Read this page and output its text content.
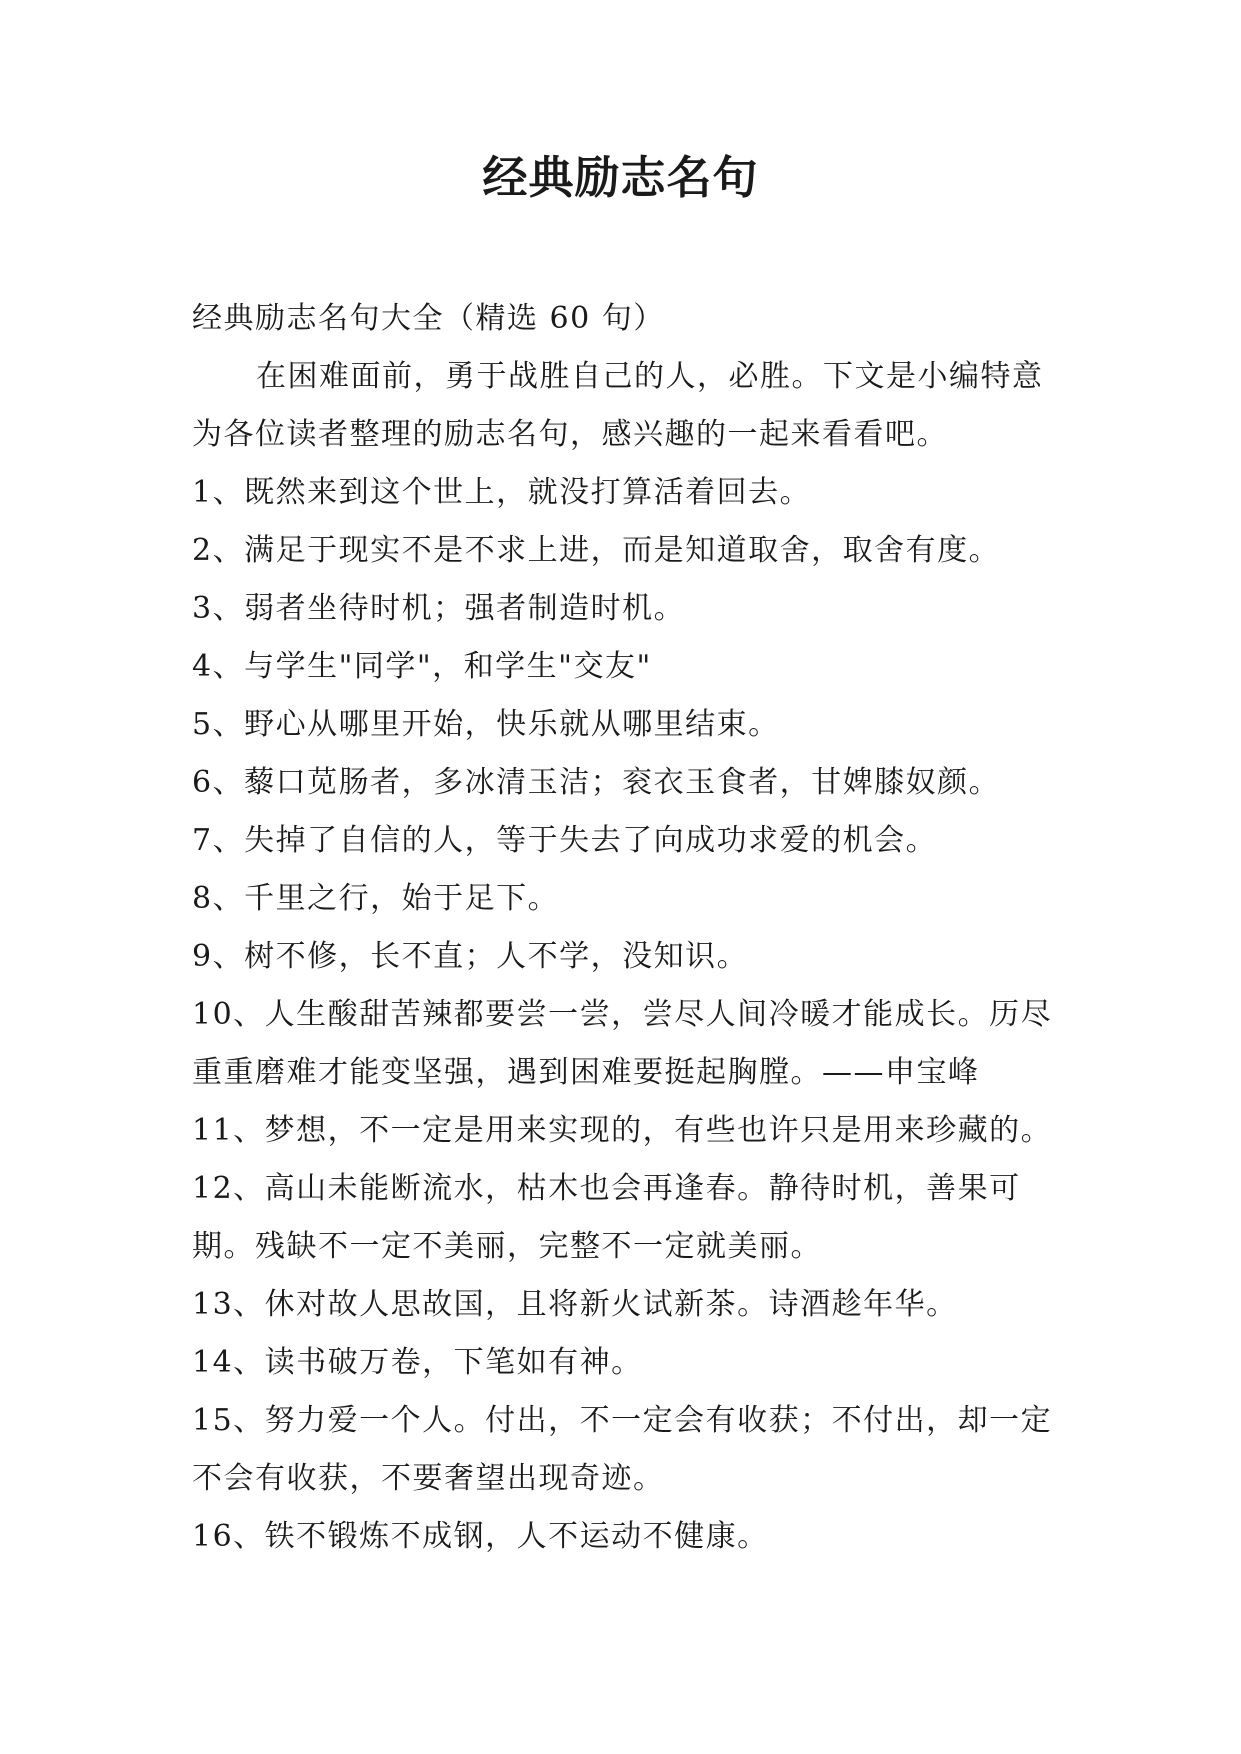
经典励志名句

经典励志名句大全（精选 60 句）

在困难面前，勇于战胜自己的人，必胜。下文是小编特意为各位读者整理的励志名句，感兴趣的一起来看看吧。

1、既然来到这个世上，就没打算活着回去。
2、满足于现实不是不求上进，而是知道取舍，取舍有度。
3、弱者坐待时机；强者制造时机。
4、与学生"同学"，和学生"交友"
5、野心从哪里开始，快乐就从哪里结束。
6、藜口苋肠者，多冰清玉洁；衮衣玉食者，甘婢膝奴颜。
7、失掉了自信的人，等于失去了向成功求爱的机会。
8、千里之行，始于足下。
9、树不修，长不直；人不学，没知识。
10、人生酸甜苦辣都要尝一尝，尝尽人间冷暖才能成长。历尽重重磨难才能变坚强，遇到困难要挺起胸膛。——申宝峰
11、梦想，不一定是用来实现的，有些也许只是用来珍藏的。
12、高山未能断流水，枯木也会再逢春。静待时机，善果可期。残缺不一定不美丽，完整不一定就美丽。
13、休对故人思故国，且将新火试新茶。诗酒趁年华。
14、读书破万卷，下笔如有神。
15、努力爱一个人。付出，不一定会有收获；不付出，却一定不会有收获，不要奢望出现奇迹。
16、铁不锻炼不成钢，人不运动不健康。
